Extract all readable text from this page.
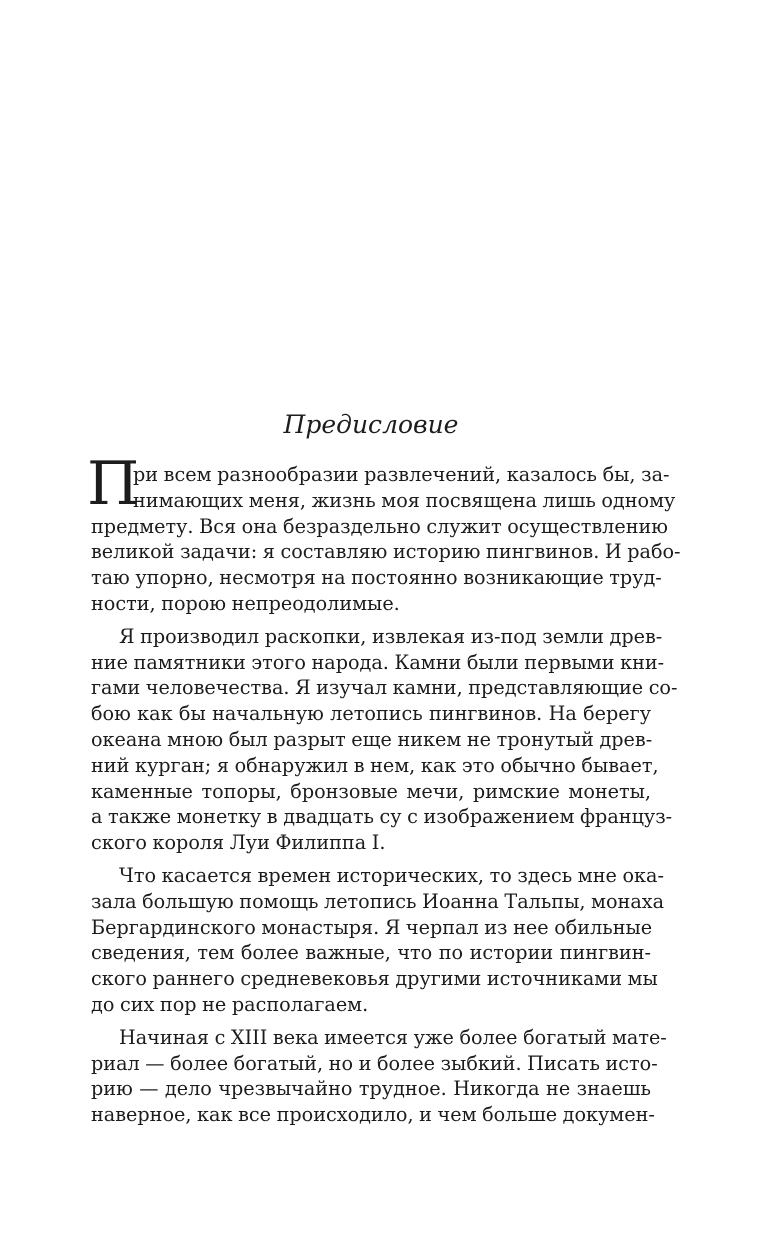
Предисловие
П
ри всем разнообразии развлечений, казалось бы, за-
нимающих меня, жизнь моя посвящена лишь одному
предмету. Вся она безраздельно служит осуществлению
великой задачи: я составляю историю пингвинов. И рабо-
таю упорно, несмотря на постоянно возникающие труд-
ности, порою непреодолимые.
Я производил раскопки, извлекая из-под земли древ-
ние памятники этого народа. Камни были первыми кни-
гами человечества. Я изучал камни, представляющие со-
бою как бы начальную летопись пингвинов. На берегу
океана мною был разрыт еще никем не тронутый древ-
ний курган; я обнаружил в нем, как это обычно бывает,
каменные топоры, бронзовые мечи, римские монеты,
а также монетку в двадцать су с изображением француз-
ского короля Луи Филиппа I.
Что касается времен исторических, то здесь мне ока-
зала большую помощь летопись Иоанна Тальпы, монаха
Бергардинского монастыря. Я черпал из нее обильные
сведения, тем более важные, что по истории пингвин-
ского раннего средневековья другими источниками мы
до сих пор не располагаем.
Начиная с XIII века имеется уже более богатый мате-
риал — более богатый, но и более зыбкий. Писать исто-
рию — дело чрезвычайно трудное. Никогда не знаешь
наверное, как все происходило, и чем больше докумен-
